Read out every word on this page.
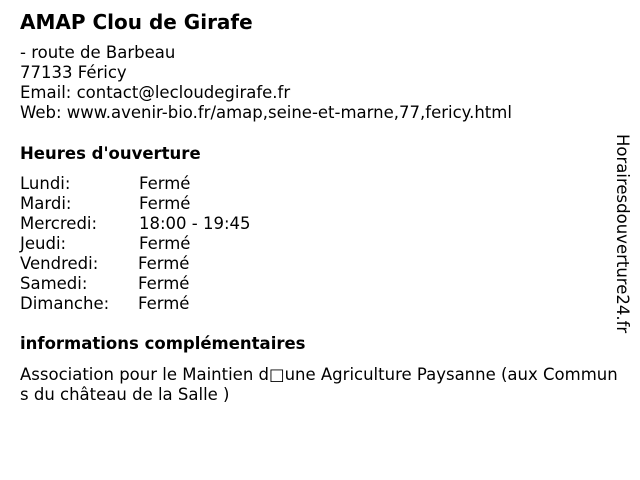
AMAP Clou de Girafe
- route de Barbeau
77133 Féricy
Email: contact@lecloudegirafe.fr
Web: www.avenir-bio.fr/amap,seine-et-marne,77,fericy.html
Heures d'ouverture
Lundi:	Fermé
Mardi:	Fermé
Mercredi:	18:00 - 19:45
Jeudi:	Fermé
Vendredi:	Fermé
Samedi:	Fermé
Dimanche:	Fermé
informations complémentaires
Association pour le Maintien d□une Agriculture Paysanne (aux Communs du château de la Salle )
Horairesdouverture24.fr
